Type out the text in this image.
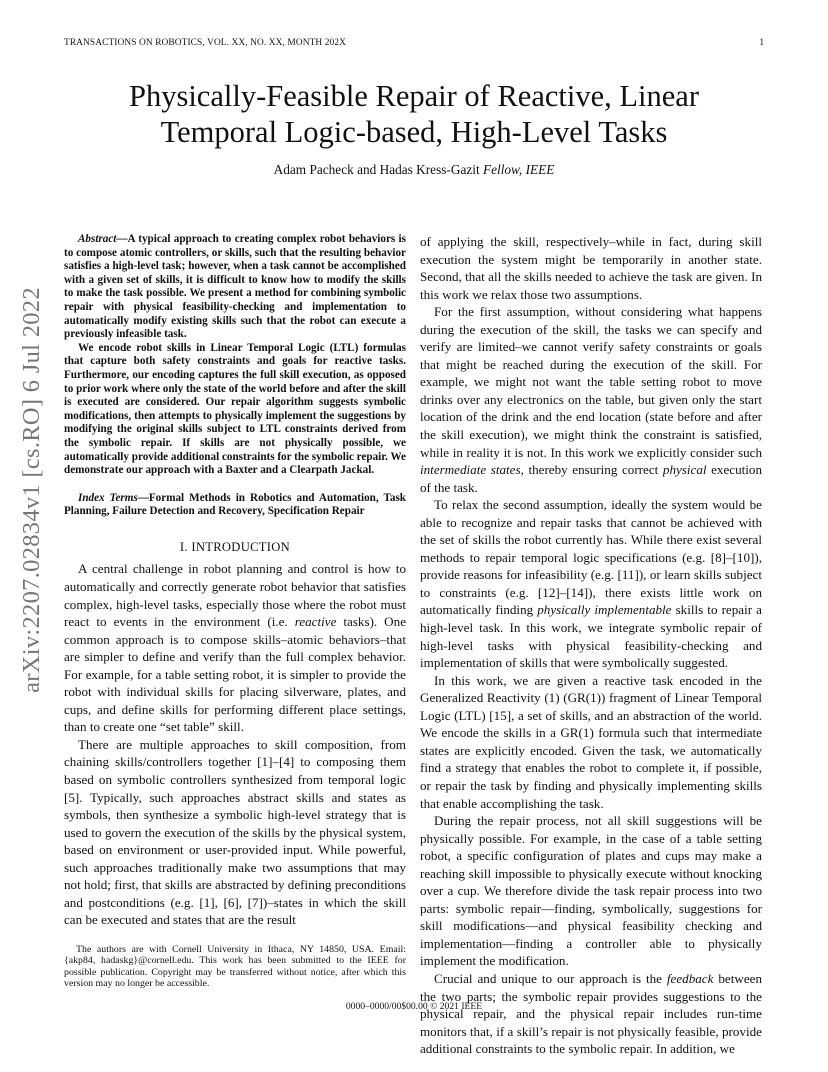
TRANSACTIONS ON ROBOTICS, VOL. XX, NO. XX, MONTH 202X	1
arXiv:2207.02834v1 [cs.RO] 6 Jul 2022
Physically-Feasible Repair of Reactive, Linear
Temporal Logic-based, High-Level Tasks
Adam Pacheck and Hadas Kress-Gazit Fellow, IEEE

Abstract—A typical approach to creating complex robot behaviors is to compose atomic controllers, or skills, such that the resulting behavior satisfies a high-level task; however, when a task cannot be accomplished with a given set of skills, it is difficult to know how to modify the skills to make the task possible. We present a method for combining symbolic repair with physical feasibility-checking and implementation to automatically modify existing skills such that the robot can execute a previously infeasible task.

We encode robot skills in Linear Temporal Logic (LTL) formulas that capture both safety constraints and goals for reactive tasks. Furthermore, our encoding captures the full skill execution, as opposed to prior work where only the state of the world before and after the skill is executed are considered. Our repair algorithm suggests symbolic modifications, then attempts to physically implement the suggestions by modifying the original skills subject to LTL constraints derived from the symbolic repair. If skills are not physically possible, we automatically provide additional constraints for the symbolic repair. We demonstrate our approach with a Baxter and a Clearpath Jackal.

Index Terms—Formal Methods in Robotics and Automation, Task Planning, Failure Detection and Recovery, Specification Repair

I. INTRODUCTION

A central challenge in robot planning and control is how to automatically and correctly generate robot behavior that satisfies complex, high-level tasks, especially those where the robot must react to events in the environment (i.e. reactive tasks). One common approach is to compose skills–atomic behaviors–that are simpler to define and verify than the full complex behavior. For example, for a table setting robot, it is simpler to provide the robot with individual skills for placing silverware, plates, and cups, and define skills for performing different place settings, than to create one “set table” skill.

There are multiple approaches to skill composition, from chaining skills/controllers together [1]–[4] to composing them based on symbolic controllers synthesized from temporal logic [5]. Typically, such approaches abstract skills and states as symbols, then synthesize a symbolic high-level strategy that is used to govern the execution of the skills by the physical system, based on environment or user-provided input. While powerful, such approaches traditionally make two assumptions that may not hold; first, that skills are abstracted by defining preconditions and postconditions (e.g. [1], [6], [7])–states in which the skill can be executed and states that are the result

The authors are with Cornell University in Ithaca, NY 14850, USA. Email: {akp84, hadaskg}@cornell.edu. This work has been submitted to the IEEE for possible publication. Copyright may be transferred without notice, after which this version may no longer be accessible.

of applying the skill, respectively–while in fact, during skill execution the system might be temporarily in another state. Second, that all the skills needed to achieve the task are given. In this work we relax those two assumptions.

For the first assumption, without considering what happens during the execution of the skill, the tasks we can specify and verify are limited–we cannot verify safety constraints or goals that might be reached during the execution of the skill. For example, we might not want the table setting robot to move drinks over any electronics on the table, but given only the start location of the drink and the end location (state before and after the skill execution), we might think the constraint is satisfied, while in reality it is not. In this work we explicitly consider such intermediate states, thereby ensuring correct physical execution of the task.

To relax the second assumption, ideally the system would be able to recognize and repair tasks that cannot be achieved with the set of skills the robot currently has. While there exist several methods to repair temporal logic specifications (e.g. [8]–[10]), provide reasons for infeasibility (e.g. [11]), or learn skills subject to constraints (e.g. [12]–[14]), there exists little work on automatically finding physically implementable skills to repair a high-level task. In this work, we integrate symbolic repair of high-level tasks with physical feasibility-checking and implementation of skills that were symbolically suggested.

In this work, we are given a reactive task encoded in the Generalized Reactivity (1) (GR(1)) fragment of Linear Temporal Logic (LTL) [15], a set of skills, and an abstraction of the world. We encode the skills in a GR(1) formula such that intermediate states are explicitly encoded. Given the task, we automatically find a strategy that enables the robot to complete it, if possible, or repair the task by finding and physically implementing skills that enable accomplishing the task.

During the repair process, not all skill suggestions will be physically possible. For example, in the case of a table setting robot, a specific configuration of plates and cups may make a reaching skill impossible to physically execute without knocking over a cup. We therefore divide the task repair process into two parts: symbolic repair—finding, symbolically, suggestions for skill modifications—and physical feasibility checking and implementation—finding a controller able to physically implement the modification.

Crucial and unique to our approach is the feedback between the two parts; the symbolic repair provides suggestions to the physical repair, and the physical repair includes run-time monitors that, if a skill’s repair is not physically feasible, provide additional constraints to the symbolic repair. In addition, we

0000–0000/00$00.00 © 2021 IEEE
